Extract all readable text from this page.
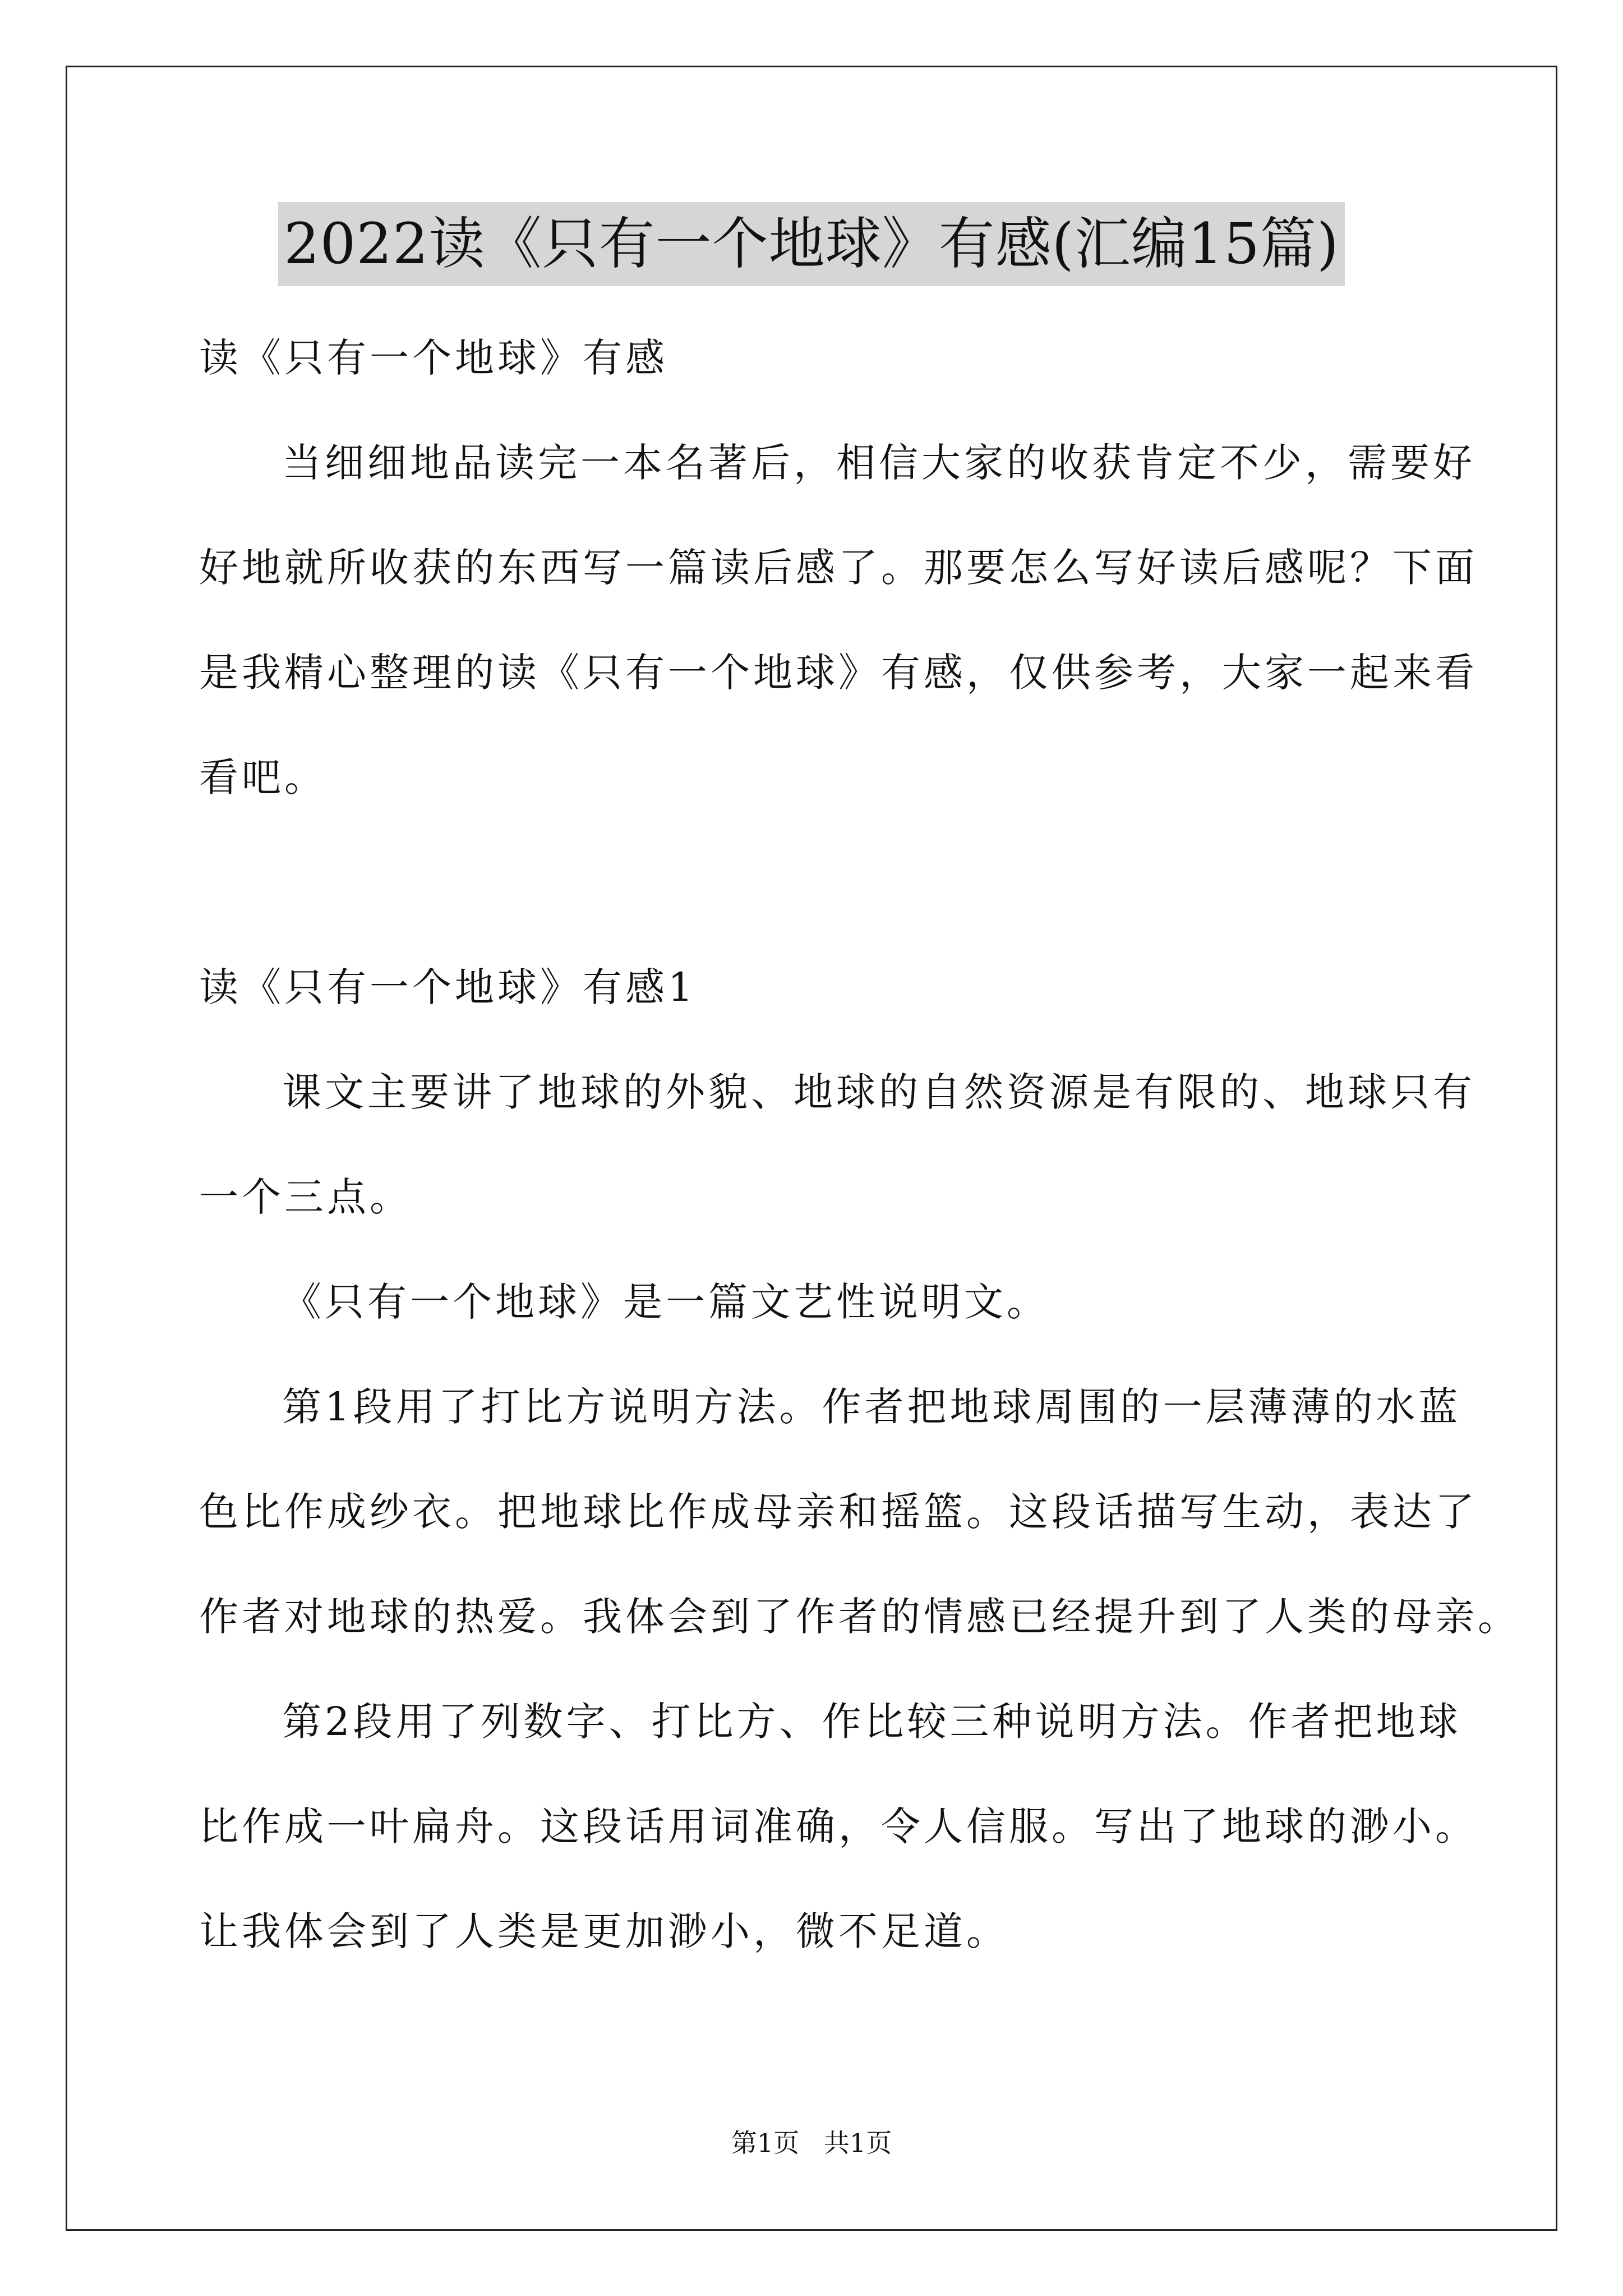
2022读《只有一个地球》有感(汇编15篇)
读《只有一个地球》有感
当细细地品读完一本名著后，相信大家的收获肯定不少，需要好
好地就所收获的东西写一篇读后感了。那要怎么写好读后感呢？下面
是我精心整理的读《只有一个地球》有感，仅供参考，大家一起来看
看吧。
读《只有一个地球》有感1
课文主要讲了地球的外貌、地球的自然资源是有限的、地球只有
一个三点。
《只有一个地球》是一篇文艺性说明文。
第1段用了打比方说明方法。作者把地球周围的一层薄薄的水蓝
色比作成纱衣。把地球比作成母亲和摇篮。这段话描写生动，表达了
作者对地球的热爱。我体会到了作者的情感已经提升到了人类的母亲。
第2段用了列数字、打比方、作比较三种说明方法。作者把地球
比作成一叶扁舟。这段话用词准确，令人信服。写出了地球的渺小。
让我体会到了人类是更加渺小，微不足道。
第1页   共1页
